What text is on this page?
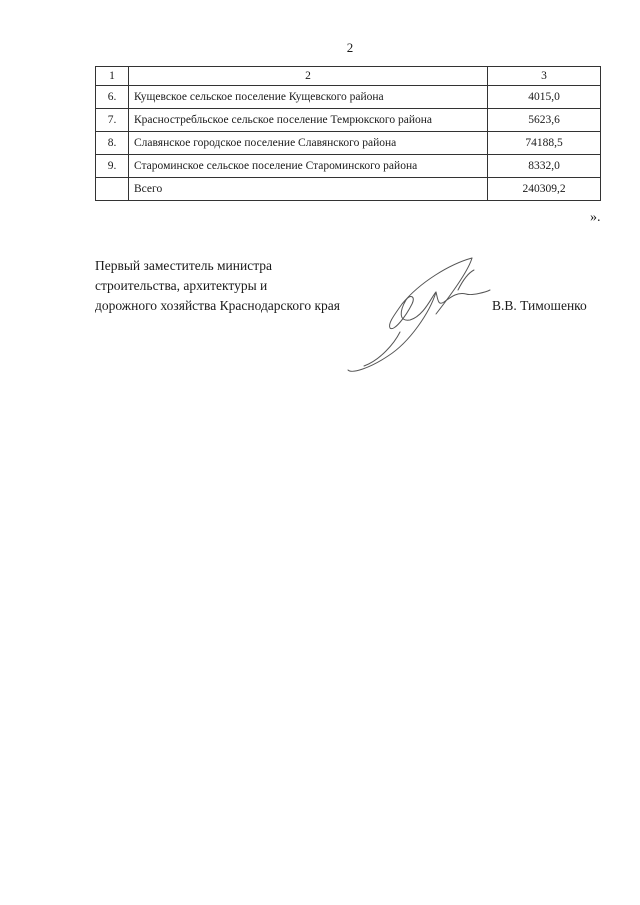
2
1	2	3
6.	Кущевское сельское поселение Кущевского района	4015,0
7.	Красностребльское сельское поселение Темрюкского района	5623,6
8.	Славянское городское поселение Славянского района	74188,5
9.	Староминское сельское поселение Староминского района	8332,0
	Всего	240309,2
».
Первый заместитель министра
строительства, архитектуры и
дорожного хозяйства Краснодарского края	В.В. Тимошенко
